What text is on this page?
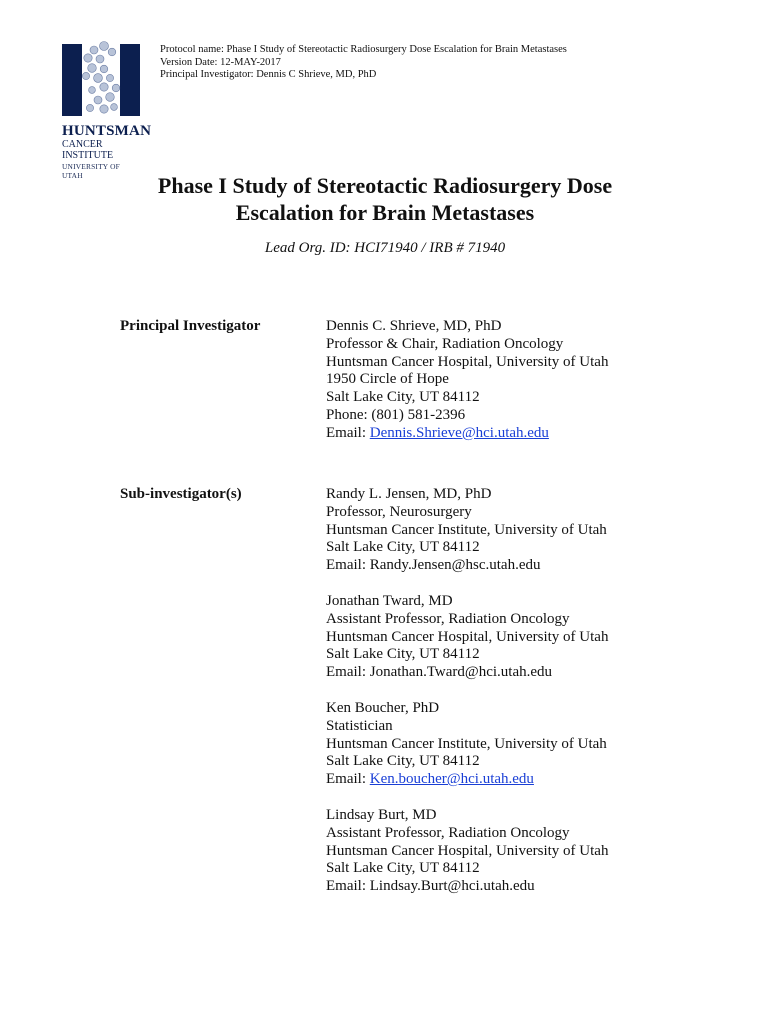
HUNTSMAN
CANCER INSTITUTE
UNIVERSITY OF UTAH
Protocol name: Phase I Study of Stereotactic Radiosurgery Dose Escalation for Brain Metastases
Version Date: 12-MAY-2017
Principal Investigator: Dennis C Shrieve, MD, PhD
Phase I Study of Stereotactic Radiosurgery Dose
Escalation for Brain Metastases
Lead Org. ID: HCI71940 / IRB # 71940
Principal Investigator	Dennis C. Shrieve, MD, PhD
Professor & Chair, Radiation Oncology
Huntsman Cancer Hospital, University of Utah
1950 Circle of Hope
Salt Lake City, UT 84112
Phone: (801) 581-2396
Email: Dennis.Shrieve@hci.utah.edu
Sub-investigator(s)	Randy L. Jensen, MD, PhD
Professor, Neurosurgery
Huntsman Cancer Institute, University of Utah
Salt Lake City, UT 84112
Email: Randy.Jensen@hsc.utah.edu
Jonathan Tward, MD
Assistant Professor, Radiation Oncology
Huntsman Cancer Hospital, University of Utah
Salt Lake City, UT 84112
Email: Jonathan.Tward@hci.utah.edu
Ken Boucher, PhD
Statistician
Huntsman Cancer Institute, University of Utah
Salt Lake City, UT 84112
Email: Ken.boucher@hci.utah.edu
Lindsay Burt, MD
Assistant Professor, Radiation Oncology
Huntsman Cancer Hospital, University of Utah
Salt Lake City, UT 84112
Email: Lindsay.Burt@hci.utah.edu
